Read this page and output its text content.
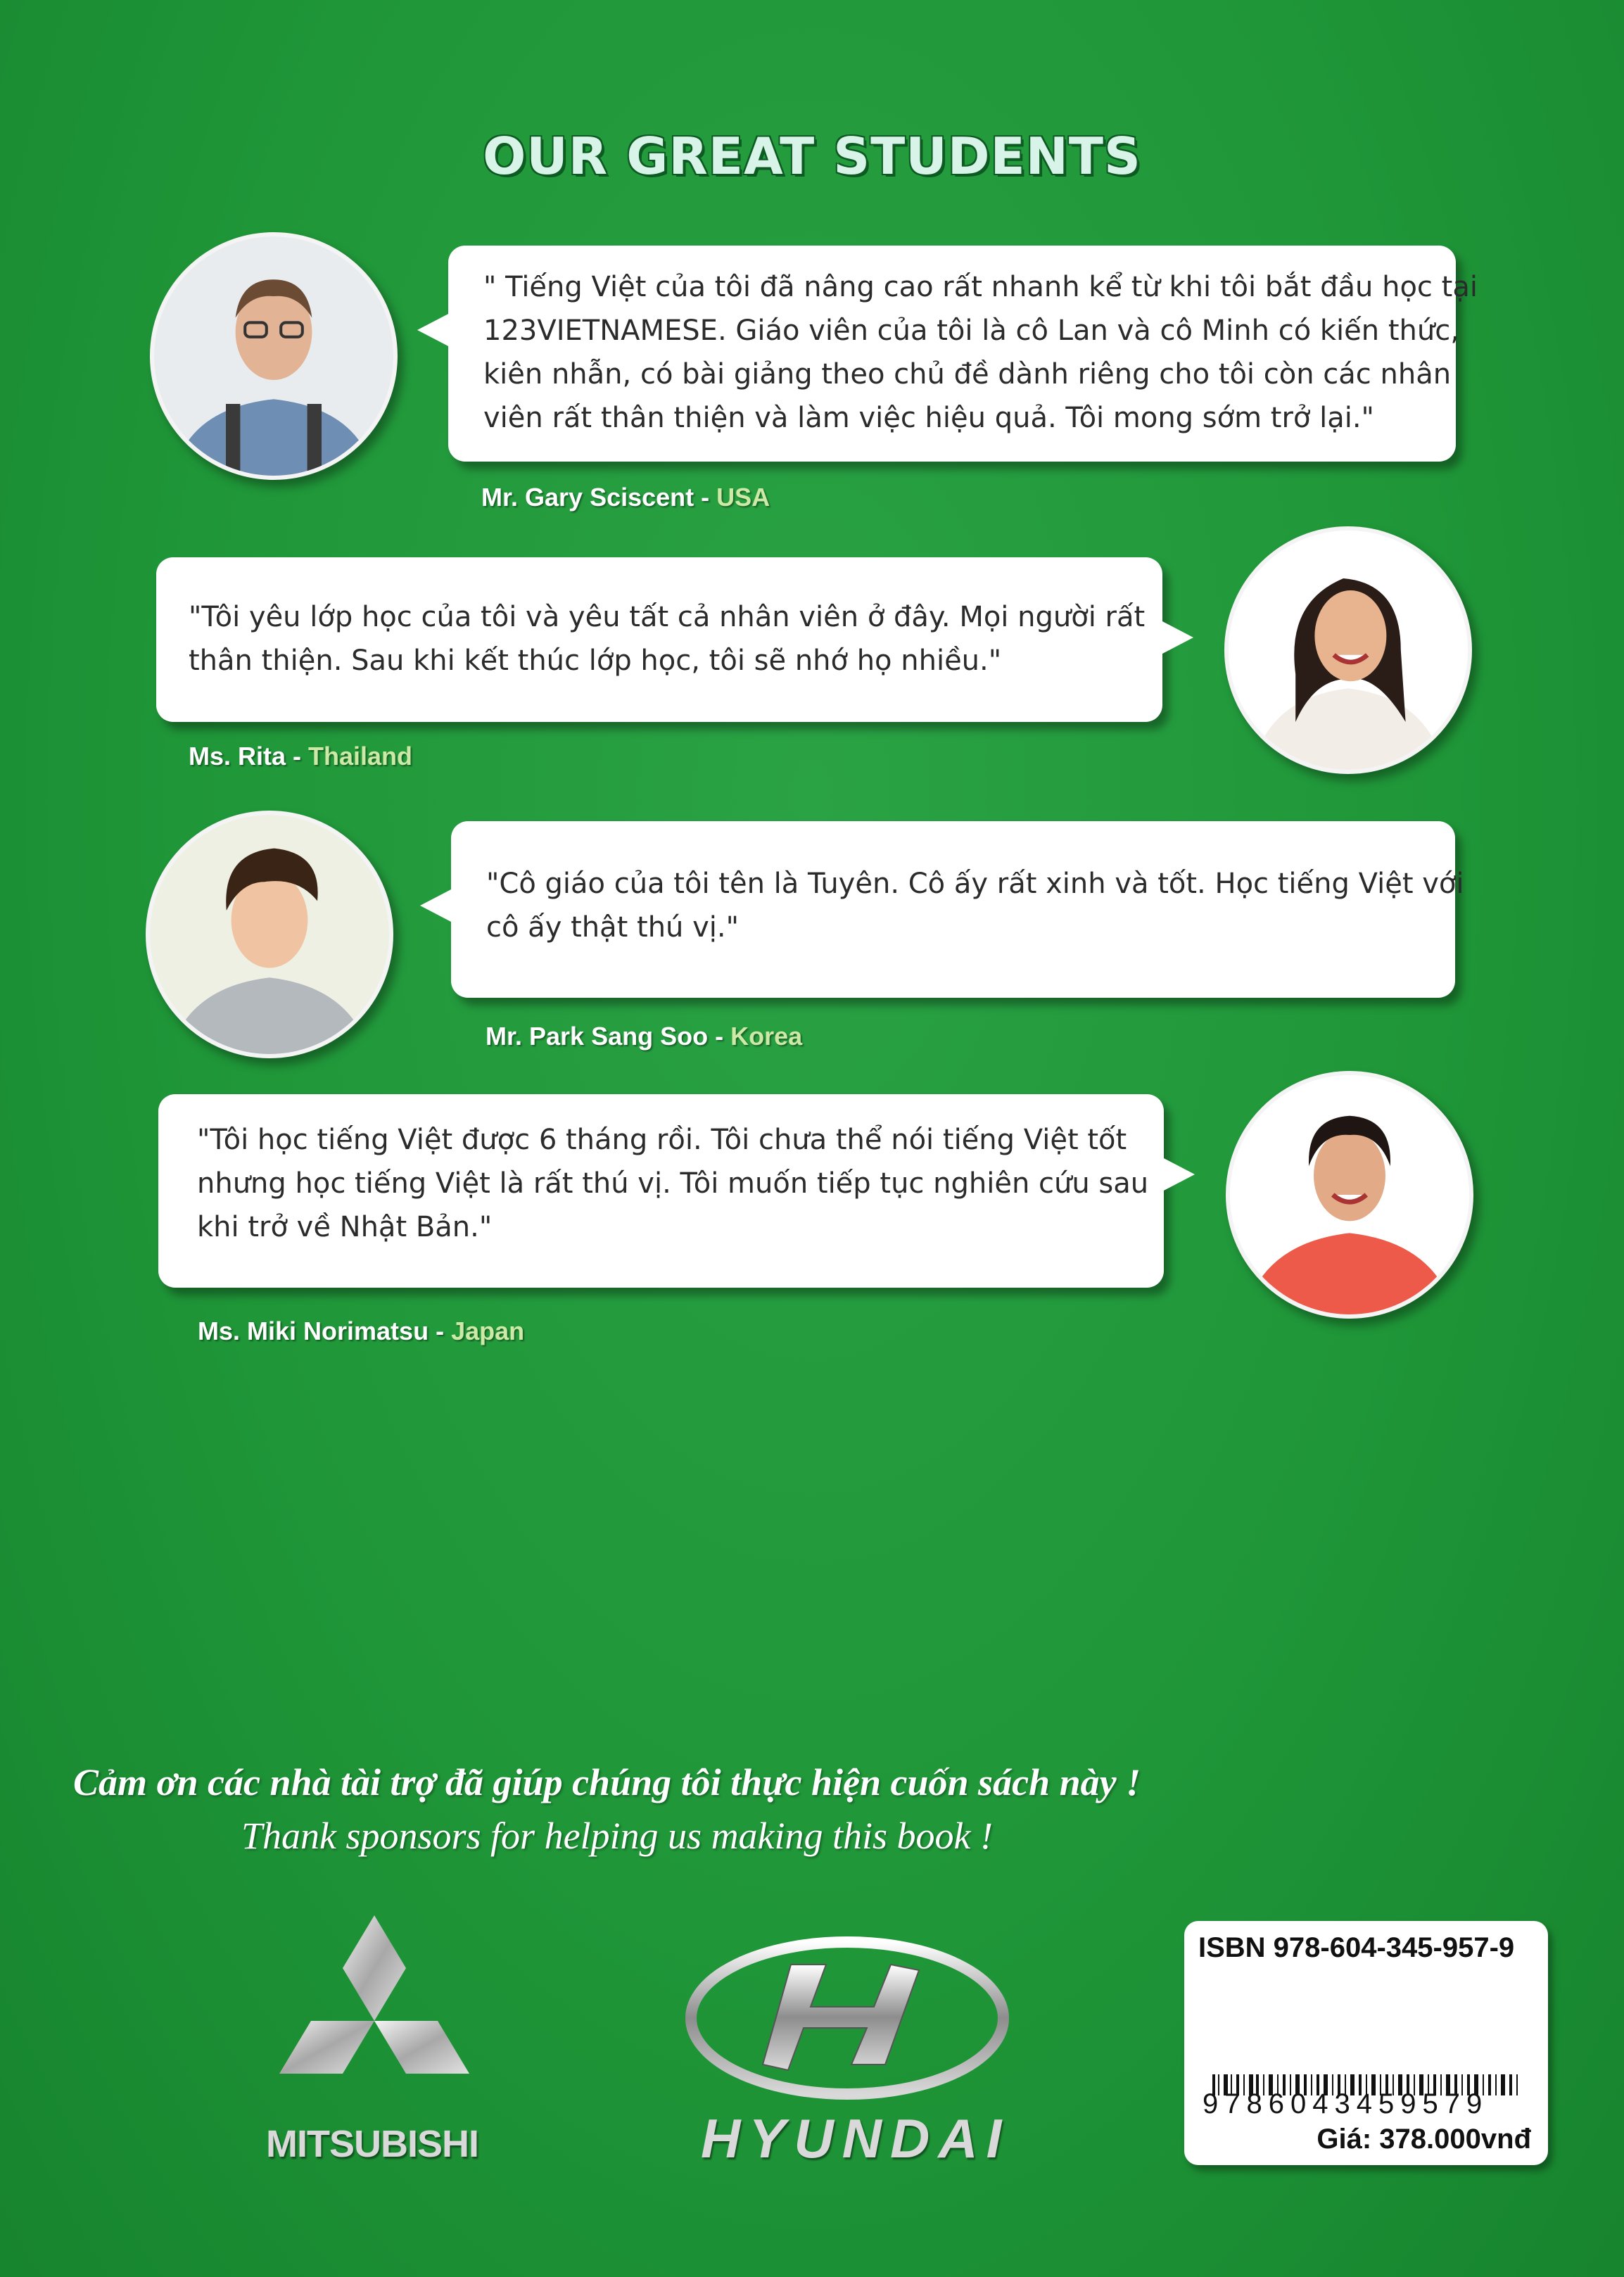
OUR GREAT STUDENTS
" Tiếng Việt của tôi đã nâng cao rất nhanh kể từ khi tôi bắt đầu học tại
123VIETNAMESE. Giáo viên của tôi là cô Lan và cô Minh có kiến thức,
kiên nhẫn, có bài giảng theo chủ đề dành riêng cho tôi còn các nhân
viên rất thân thiện và làm việc hiệu quả. Tôi mong sớm trở lại."
Mr. Gary Sciscent - USA
"Tôi yêu lớp học của tôi và yêu tất cả nhân viên ở đây. Mọi người rất
thân thiện. Sau khi kết thúc lớp học, tôi sẽ nhớ họ nhiều."
Ms. Rita - Thailand
"Cô giáo của tôi tên là Tuyên. Cô ấy rất xinh và tốt. Học tiếng Việt với
cô ấy thật thú vị."
Mr. Park Sang Soo - Korea
"Tôi học tiếng Việt được 6 tháng rồi. Tôi chưa thể nói tiếng Việt tốt
nhưng học tiếng Việt là rất thú vị. Tôi muốn tiếp tục nghiên cứu sau
khi trở về Nhật Bản."
Ms. Miki Norimatsu - Japan
Cảm ơn các nhà tài trợ đã giúp chúng tôi thực hiện cuốn sách này !
Thank sponsors for helping us making this book !
MITSUBISHI	HYUNDAI
ISBN 978-604-345-957-9
9786043459579
Giá: 378.000vnđ
